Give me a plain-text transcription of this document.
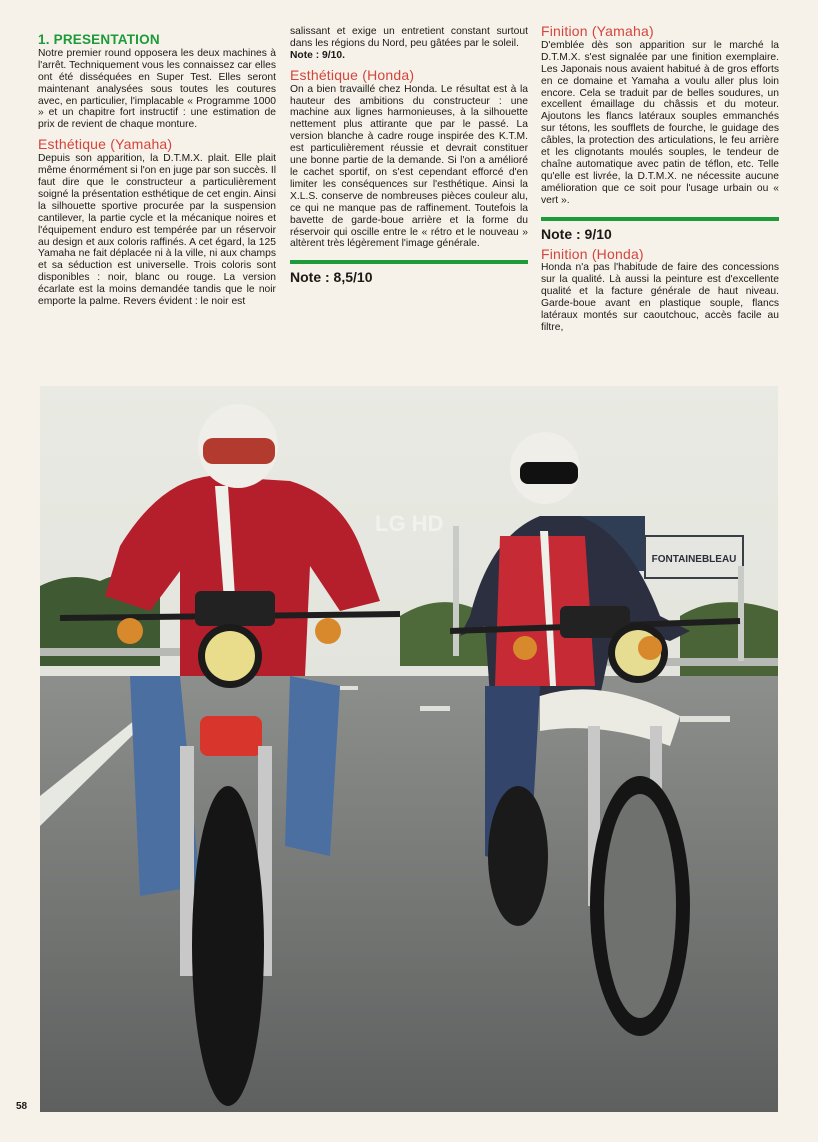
1. PRESENTATION

Notre premier round opposera les deux machines à l'arrêt. Techniquement vous les connaissez car elles ont été disséquées en Super Test. Elles seront maintenant analysées sous toutes les coutures avec, en particulier, l'implacable « Programme 1000 » et un chapitre fort instructif : une estimation de prix de revient de chaque monture.

Esthétique (Yamaha)

Depuis son apparition, la D.T.M.X. plait. Elle plait même énormément si l'on en juge par son succès. Il faut dire que le constructeur a particulièrement soigné la présentation esthétique de cet engin. Ainsi la silhouette sportive procurée par la suspension cantilever, la partie cycle et la mécanique noires et l'équipement enduro est tempérée par un réservoir au design et aux coloris raffinés. A cet égard, la 125 Yamaha ne fait déplacée ni à la ville, ni aux champs et sa séduction est universelle. Trois coloris sont disponibles : noir, blanc ou rouge. La version écarlate est la moins demandée tandis que le noir emporte la palme. Revers évident : le noir est

salissant et exige un entretient constant surtout dans les régions du Nord, peu gâtées par le soleil.

Note : 9/10.

Esthétique (Honda)

On a bien travaillé chez Honda. Le résultat est à la hauteur des ambitions du constructeur : une machine aux lignes harmonieuses, à la silhouette nettement plus attirante que par le passé. La version blanche à cadre rouge inspirée des K.T.M. est particulièrement réussie et devrait constituer une bonne partie de la demande. Si l'on a amélioré le cachet sportif, on s'est cependant efforcé d'en limiter les conséquences sur l'esthétique. Ainsi la X.L.S. conserve de nombreuses pièces couleur alu, ce qui ne manque pas de raffinement. Toutefois la bavette de garde-boue arrière et la forme du réservoir qui oscille entre le « rétro et le nouveau » altèrent très légèrement l'image générale.

Note : 8,5/10
Finition (Yamaha)

D'emblée dès son apparition sur le marché la D.T.M.X. s'est signalée par une finition exemplaire. Les Japonais nous avaient habitué à de gros efforts en ce domaine et Yamaha a voulu aller plus loin encore. Cela se traduit par de belles soudures, un excellent émaillage du châssis et du moteur. Ajoutons les flancs latéraux souples emmanchés sur tétons, les soufflets de fourche, le guidage des câbles, la protection des articulations, le feu arrière et les clignotants moulés souples, le tendeur de chaîne automatique avec patin de téflon, etc. Telle qu'elle est livrée, la D.T.M.X. ne nécessite aucune amélioration que ce soit pour l'usage urbain ou « vert ».

Note : 9/10
Finition (Honda)

Honda n'a pas l'habitude de faire des concessions sur la qualité. Là aussi la peinture est d'excellente qualité et la facture générale de haut niveau. Garde-boue avant en plastique souple, flancs latéraux montés sur caoutchouc, accès facile au filtre,

FONTAINEBLEAU
LG HD
58
